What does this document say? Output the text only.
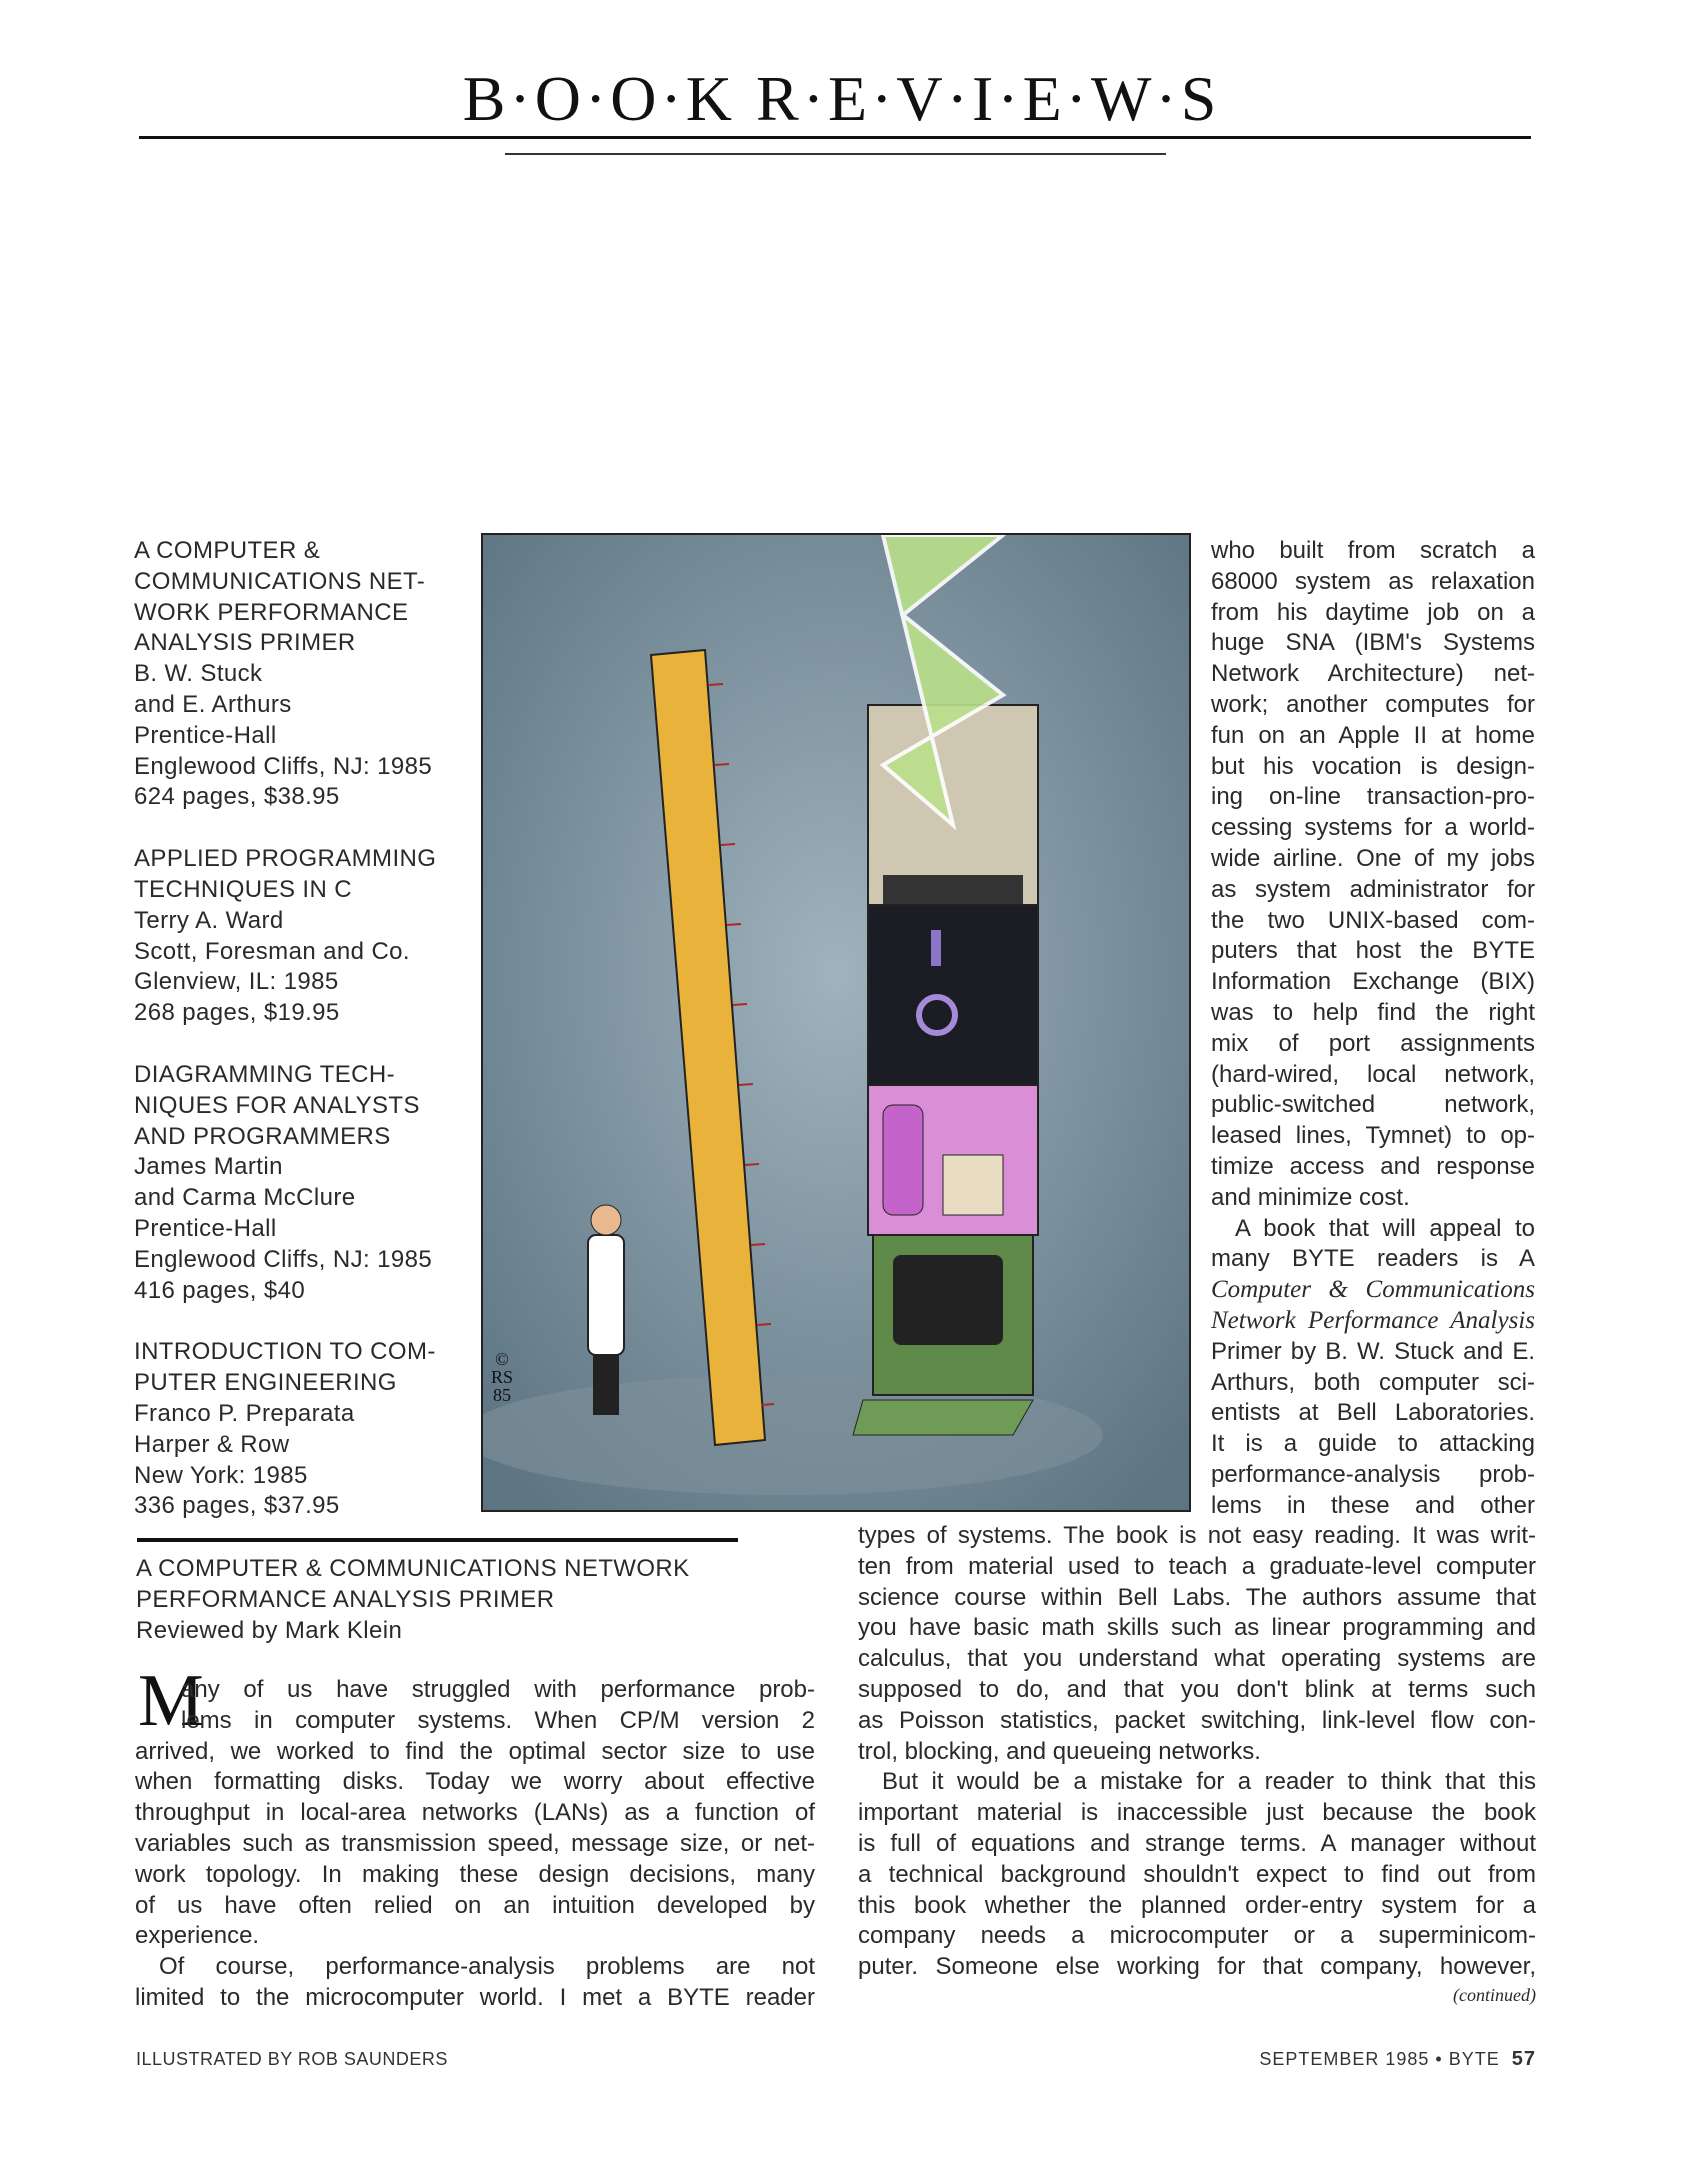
B·O·O·K R·E·V·I·E·W·S
A COMPUTER &
COMMUNICATIONS NET-
WORK PERFORMANCE
ANALYSIS PRIMER
B. W. Stuck
and E. Arthurs
Prentice-Hall
Englewood Cliffs, NJ: 1985
624 pages, $38.95
APPLIED PROGRAMMING
TECHNIQUES IN C
Terry A. Ward
Scott, Foresman and Co.
Glenview, IL: 1985
268 pages, $19.95
DIAGRAMMING TECH-
NIQUES FOR ANALYSTS
AND PROGRAMMERS
James Martin
and Carma McClure
Prentice-Hall
Englewood Cliffs, NJ: 1985
416 pages, $40
INTRODUCTION TO COM-
PUTER ENGINEERING
Franco P. Preparata
Harper & Row
New York: 1985
336 pages, $37.95
© RS 85
who built from scratch a
68000 system as relaxation
from his daytime job on a
huge SNA (IBM's Systems
Network Architecture) net-
work; another computes for
fun on an Apple II at home
but his vocation is design-
ing on-line transaction-pro-
cessing systems for a world-
wide airline. One of my jobs
as system administrator for
the two UNIX-based com-
puters that host the BYTE
Information Exchange (BIX)
was to help find the right
mix of port assignments
(hard-wired, local network,
public-switched network,
leased lines, Tymnet) to op-
timize access and response
and minimize cost.
A book that will appeal to
many BYTE readers is A
Computer & Communications
Network Performance Analysis
Primer by B. W. Stuck and E.
Arthurs, both computer sci-
entists at Bell Laboratories.
It is a guide to attacking
performance-analysis prob-
lems in these and other
A COMPUTER & COMMUNICATIONS NETWORK
PERFORMANCE ANALYSIS PRIMER
Reviewed by Mark Klein
M
any of us have struggled with performance prob-
lems in computer systems. When CP/M version 2
arrived, we worked to find the optimal sector size to use
when formatting disks. Today we worry about effective
throughput in local-area networks (LANs) as a function of
variables such as transmission speed, message size, or net-
work topology. In making these design decisions, many
of us have often relied on an intuition developed by
experience.
Of course, performance-analysis problems are not
limited to the microcomputer world. I met a BYTE reader
types of systems. The book is not easy reading. It was writ-
ten from material used to teach a graduate-level computer
science course within Bell Labs. The authors assume that
you have basic math skills such as linear programming and
calculus, that you understand what operating systems are
supposed to do, and that you don't blink at terms such
as Poisson statistics, packet switching, link-level flow con-
trol, blocking, and queueing networks.
But it would be a mistake for a reader to think that this
important material is inaccessible just because the book
is full of equations and strange terms. A manager without
a technical background shouldn't expect to find out from
this book whether the planned order-entry system for a
company needs a microcomputer or a superminicom-
puter. Someone else working for that company, however,
(continued)
ILLUSTRATED BY ROB SAUNDERS	SEPTEMBER 1985 • BYTE 57
